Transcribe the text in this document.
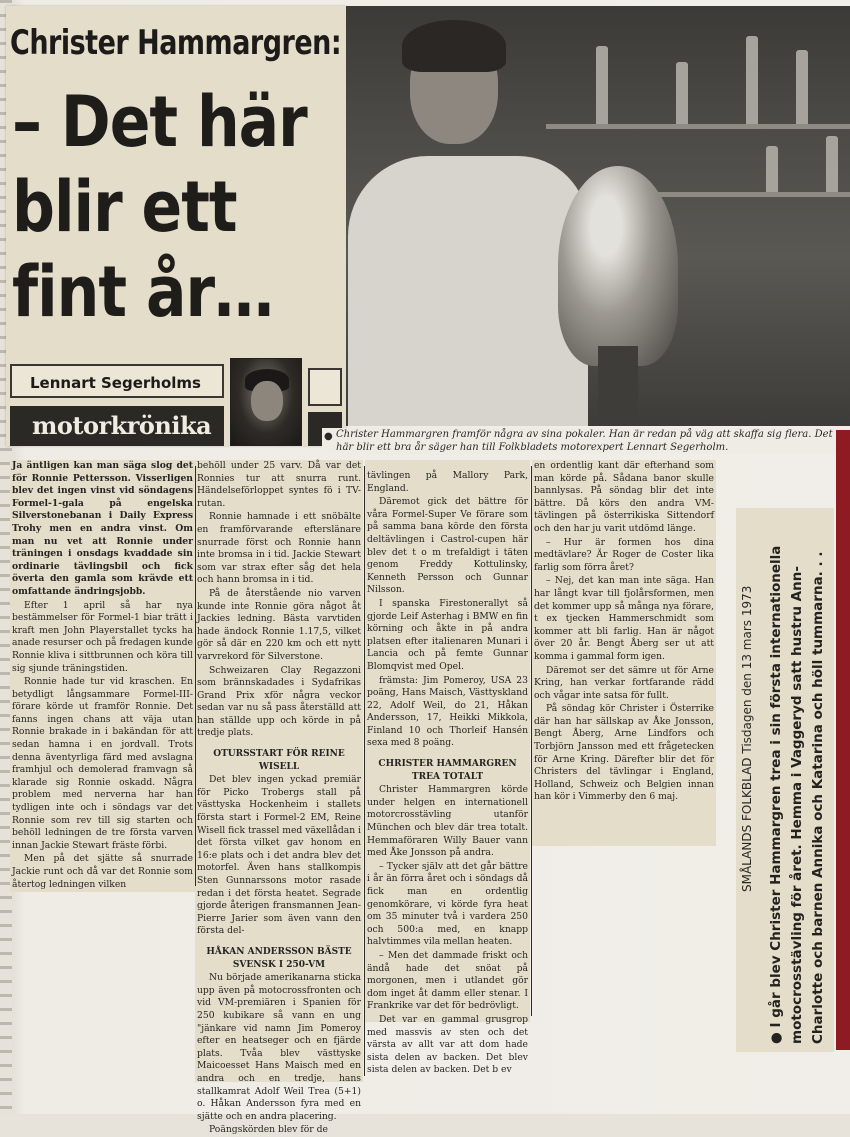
Christer Hammargren:
– Det här
blir ett
fint år…
Lennart Segerholms
motorkrönika	● Christer Hammargren framför några av sina pokaler. Han är redan på väg att skaffa sig flera. Det här blir ett bra år säger han till Folkbladets motorexpert Lennart Segerholm.

Ja äntligen kan man säga slog det för Ronnie Pettersson. Visserligen blev det ingen vinst vid söndagens Formel-1-gala på engelska Silverstonebanan i Daily Express Trohy men en andra vinst. Om man nu vet att Ronnie under träningen i onsdags kvaddade sin ordinarie tävlingsbil och fick överta den gamla som krävde ett omfattande ändringsjobb.

Efter 1 april så har nya bestämmelser för Formel-1 biar trätt i kraft men John Playerstallet tycks ha anade resurser och på fredagen kunde Ronnie kliva i sittbrunnen och köra till sig sjunde träningstiden.

Ronnie hade tur vid kraschen. En betydligt långsammare Formel-III-förare körde ut framför Ronnie. Det fanns ingen chans att väja utan Ronnie brakade in i bakändan för att sedan hamna i en jordvall. Trots denna äventyrliga färd med avslagna framhjul och demolerad framvagn så klarade sig Ronnie oskadd. Några problem med nerverna har han tydligen inte och i söndags var det Ronnie som rev till sig starten och behöll ledningen de tre första varven innan Jackie Stewart fräste förbi.

Men på det sjätte så snurrade Jackie runt och då var det Ronnie som återtog ledningen vilken

behöll under 25 varv. Då var det Ronnies tur att snurra runt. Händelseförloppet syntes fö i TV-rutan.

Ronnie hamnade i ett snöbälte en framförvarande efterslänare snurrade först och Ronnie hann inte bromsa in i tid. Jackie Stewart som var strax efter såg det hela och hann bromsa in i tid.

På de återstående nio varven kunde inte Ronnie göra något åt Jackies ledning. Bästa varvtiden hade ändock Ronnie 1.17,5, vilket gör så där en 220 km och ett nytt varvrekord för Silverstone.

Schweizaren Clay Regazzoni som brännskadades i Sydafrikas Grand Prix xför några veckor sedan var nu så pass återställd att han ställde upp och körde in på tredje plats.

OTURSSTART FÖR REINE WISELL

Det blev ingen yckad premiär för Picko Trobergs stall på västtyska Hockenheim i stallets första start i Formel-2 EM, Reine Wisell fick trassel med växellådan i det första vilket gav honom en 16:e plats och i det andra blev det motorfel. Även hans stallkompis Sten Gunnarssons motor rasade redan i det första heatet. Segrade gjorde återigen fransmannen Jean-Pierre Jarier som även vann den första del-

HÅKAN ANDERSSON BÄSTE SVENSK I 250-VM

Nu började amerikanarna sticka upp även på motocrossfronten och vid VM-premiären i Spanien för 250 kubikare så vann en ung "jänkare vid namn Jim Pomeroy efter en heatseger och en fjärde plats. Tvåa blev västtyske Maicoesset Hans Maisch med en andra och en tredje, hans stallkamrat Adolf Weil Trea (5+1) o. Håkan Andersson fyra med en sjätte och en andra placering.

Poängskörden blev för de

tävlingen på Mallory Park, England.

Däremot gick det bättre för våra Formel-Super Ve förare som på samma bana körde den första deltävlingen i Castrol-cupen här blev det t o m trefaldigt i täten genom Freddy Kottulinsky, Kenneth Persson och Gunnar Nilsson.

I spanska Firestonerallyt så gjorde Leif Asterhag i BMW en fin körning och åkte in på andra platsen efter italienaren Munari i Lancia och på femte Gunnar Blomqvist med Opel.

främsta: Jim Pomeroy, USA 23 poäng, Hans Maisch, Västtyskland 22, Adolf Weil, do 21, Håkan Andersson, 17, Heikki Mikkola, Finland 10 och Thorleif Hansén sexa med 8 poäng.

CHRISTER HAMMARGREN TREA TOTALT

Christer Hammargren körde under helgen en internationell motorcrosstävling utanför München och blev där trea totalt. Hemmaföraren Willy Bauer vann med Åke Jonsson på andra.

– Tycker själv att det går bättre i år än förra året och i söndags då fick man en ordentlig genomkörare, vi körde fyra heat om 35 minuter två i vardera 250 och 500:a med, en knapp halvtimmes vila mellan heaten.

– Men det dammade friskt och ändå hade det snöat på morgonen, men i utlandet gör dom inget åt damm eller stenar. I Frankrike var det för bedrövligt.

Det var en gammal grusgrop med massvis av sten och det värsta av allt var att dom hade sista delen av backen. Det blev sista delen av backen. Det b ev

en ordentlig kant där efterhand som man körde på. Sådana banor skulle bannlysas. På söndag blir det inte bättre. Då körs den andra VM-tävlingen på österrikiska Sittendorf och den har ju varit utdömd länge.

– Hur är formen hos dina medtävlare? Är Roger de Coster lika farlig som förra året?

– Nej, det kan man inte säga. Han har långt kvar till fjolårsformen, men det kommer upp så många nya förare, t ex tjecken Hammerschmidt som kommer att bli farlig. Han är något över 20 år. Bengt Åberg ser ut att komma i gammal form igen.

Däremot ser det sämre ut för Arne Kring, han verkar fortfarande rädd och vågar inte satsa för fullt.

På söndag kör Christer i Österrike där han har sällskap av Åke Jonsson, Bengt Åberg, Arne Lindfors och Torbjörn Jansson med ett frågetecken för Arne Kring. Därefter blir det för Christers del tävlingar i England, Holland, Schweiz och Belgien innan han kör i Vimmerby den 6 maj.	SMÅLANDS FOLKBLAD Tisdagen den 13 mars 1973 ● I går blev Christer Hammargren trea i sin första internationella motocrosstävling för året. Hemma i Vaggeryd satt hustru Ann-Charlotte och barnen Annika och Katarina och höll tummarna. . .
